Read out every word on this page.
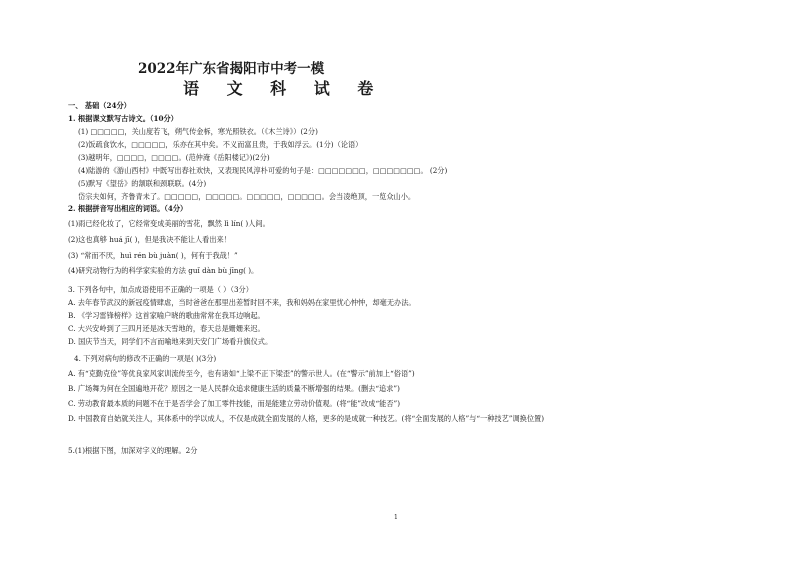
2022年广东省揭阳市中考一模
语 文 科 试 卷
一、 基础（24分）
1. 根据课文默写古诗文。（10分）
(1) □□□□□，关山度若飞，朔气传金柝，寒光照铁衣。（《木兰诗》）(2分)
(2)饭疏食饮水，□□□□□，乐亦在其中矣。不义而富且贵，于我如浮云。(1分)（论语）
(3)越明年，□□□□，□□□□。(范仲淹《岳阳楼记》)(2分)
(4)陆游的《游山西村》中既写出春社欢快，又表现民风淳朴可爱的句子是：□□□□□□□，□□□□□□□。 (2分)
(5)默写《望岳》的颔联和颈联联。(4分)
岱宗夫如何，齐鲁青未了。□□□□□，□□□□□。□□□□□，□□□□□。会当凌绝顶，一览众山小。
2. 根据拼音写出相应的词语。（4分）
(1)雨已经化妆了，它经常变成美丽的雪花，飘然 lì lín( )人间。
(2)这也真够 huá jī( )，但是我决不能让人看出来！
(3) “常而不厌，huì rén bù juàn( )，何有于我哉！”
(4)研究动物行为的科学家实验的方法 guǐ dàn bù jīng( )。
3. 下列各句中，加点成语使用不正确的一项是（ ）（3分）
A. 去年春节武汉的新冠疫情肆虐，当时爸爸在那里出差暂时回不来，我和妈妈在家里忧心忡忡，却毫无办法。
B. 《学习雷锋榜样》这首家喻户晓的歌曲常常在我耳边响起。
C. 大兴安岭到了三四月还是冰天雪地的，春天总是姗姗来迟。
D. 国庆节当天，同学们不言而喻地来到天安门广场看升旗仪式。
4. 下列对病句的修改不正确的一项是( )(3分)
A. 有“克勤克俭”等优良家风家训流传至今，也有诸如“上梁不正下梁歪”的警示世人。(在“警示”前加上“俗语”)
B. 广场舞为何在全国遍地开花？原因之一是人民群众追求健康生活的质量不断增强的结果。(删去“追求”)
C. 劳动教育最本质的问题不在于是否学会了加工零件技能，而是能建立劳动价值观。(将“能”改成“能否”)
D. 中国教育自始就关注人，其体系中的学以成人，不仅是成就全面发展的人格，更多的是成就一种技艺。(将“全面发展的人格”与“一种技艺”调换位置)
5.(1)根据下图，加深对字义的理解。2分
1
